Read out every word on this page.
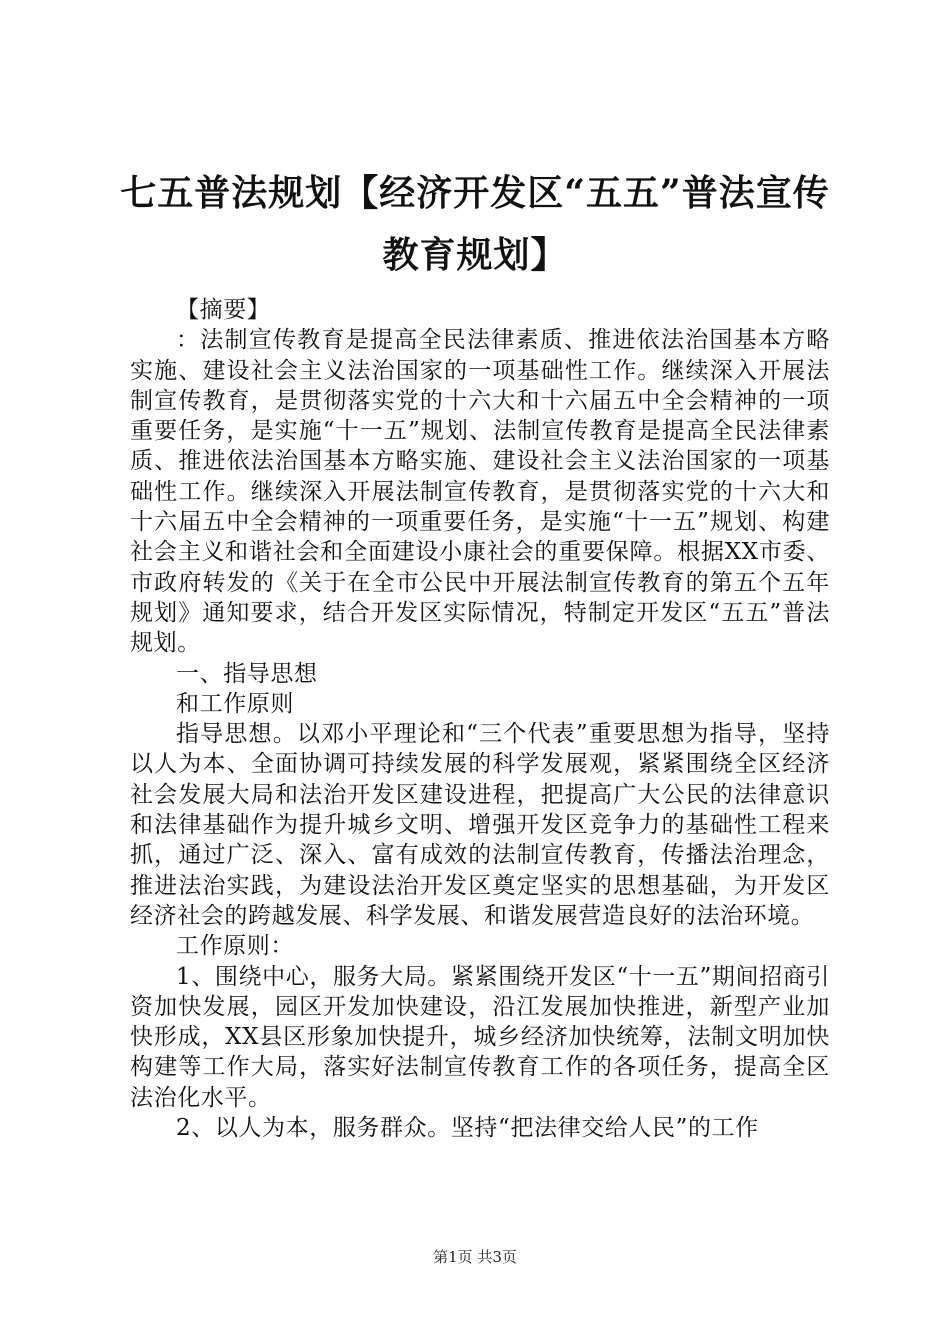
七五普法规划【经济开发区“五五”普法宣传教育规划】

【摘要】

：法制宣传教育是提高全民法律素质、推进依法治国基本方略实施、建设社会主义法治国家的一项基础性工作。继续深入开展法制宣传教育，是贯彻落实党的十六大和十六届五中全会精神的一项重要任务，是实施“十一五”规划、法制宣传教育是提高全民法律素质、推进依法治国基本方略实施、建设社会主义法治国家的一项基础性工作。继续深入开展法制宣传教育，是贯彻落实党的十六大和十六届五中全会精神的一项重要任务，是实施“十一五”规划、构建社会主义和谐社会和全面建设小康社会的重要保障。根据XX市委、市政府转发的《关于在全市公民中开展法制宣传教育的第五个五年规划》通知要求，结合开发区实际情况，特制定开发区“五五”普法规划。

一、指导思想

和工作原则

指导思想。以邓小平理论和“三个代表”重要思想为指导，坚持以人为本、全面协调可持续发展的科学发展观，紧紧围绕全区经济社会发展大局和法治开发区建设进程，把提高广大公民的法律意识和法律基础作为提升城乡文明、增强开发区竞争力的基础性工程来抓，通过广泛、深入、富有成效的法制宣传教育，传播法治理念，推进法治实践，为建设法治开发区奠定坚实的思想基础，为开发区经济社会的跨越发展、科学发展、和谐发展营造良好的法治环境。

工作原则：

1、围绕中心，服务大局。紧紧围绕开发区“十一五”期间招商引资加快发展，园区开发加快建设，沿江发展加快推进，新型产业加快形成，XX县区形象加快提升，城乡经济加快统筹，法制文明加快构建等工作大局，落实好法制宣传教育工作的各项任务，提高全区法治化水平。

2、以人为本，服务群众。坚持“把法律交给人民”的工作

第1页 共3页
